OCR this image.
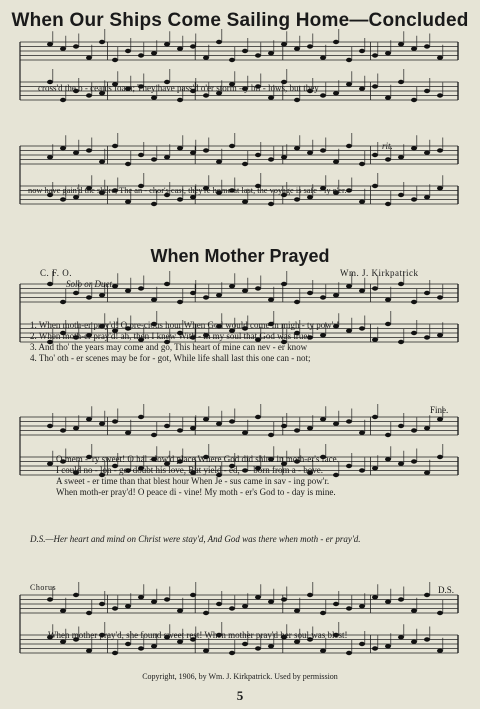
When Our Ships Come Sailing Home—Concluded
cross'd the o - cean's foam; They have pass'd o'er storm - y bil - lows, but they
rit.
now have gain'd the shore, The an - chor's cast, they're home at last, the voyage is safe - ly o'er.
When Mother Prayed
C. F. O.	Wm. J. Kirkpatrick
Solo or Duet
1. When moth-er pray'd! O pre-cious hour When God would come in migh - ty pow'r!
2. When moth-er pray'd! ah, then I knew With - in my soul that God was true;
3. And tho' the years may come and go, This heart of mine can nev - er know
4. Tho' oth - er scenes may be for - got, While life shall last this one can - not;
Fine.
O mem - 'ry sweet! O hal - low'd place Where God did shine in moth-er's face.
I could no - lon - ger doubt his love, But yield - ed, — born from a - bove.
A sweet - er time than that blest hour When Je - sus came in sav - ing pow'r.
When moth-er pray'd! O peace di - vine! My moth - er's God to - day is mine.
D.S.—Her heart and mind on Christ were stay'd, And God was there when moth - er pray'd.
Chorus	D.S.
When mother pray'd, she found sweet rest! When mother pray'd her soul was blest!
Copyright, 1906, by Wm. J. Kirkpatrick. Used by permission
5
